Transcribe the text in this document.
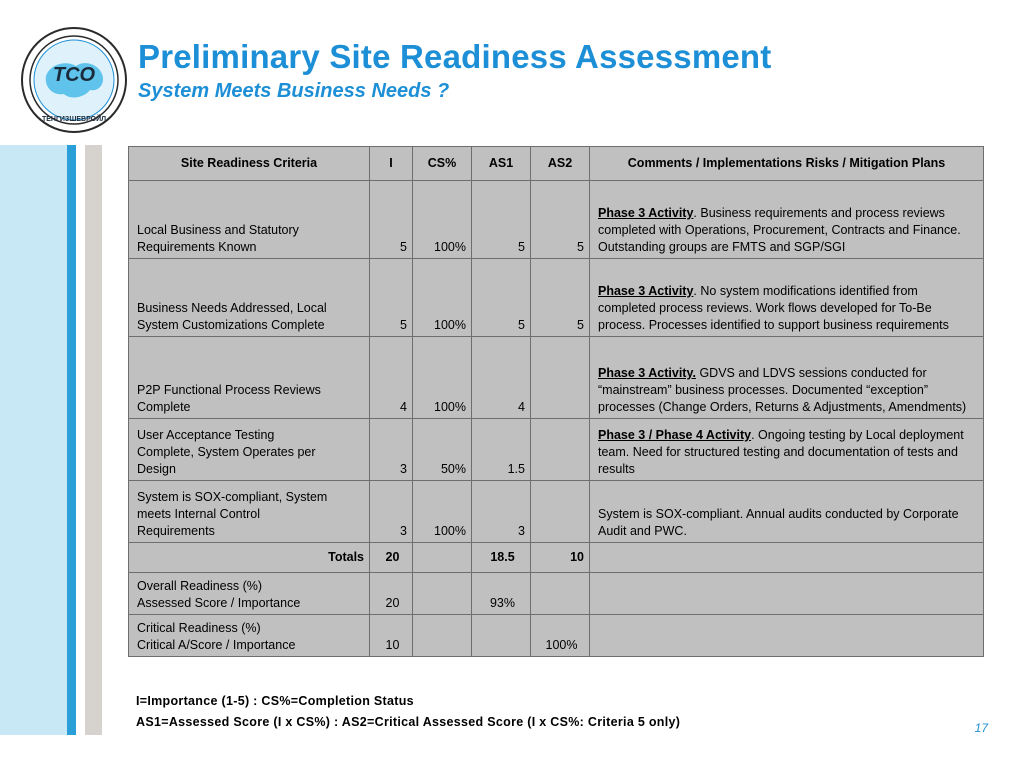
TCO
ТЕНГИЗШЕВРОЙЛ
Preliminary Site Readiness Assessment
System Meets Business Needs ?
Site Readiness Criteria	I	CS%	AS1	AS2	Comments / Implementations Risks / Mitigation Plans
Local Business and Statutory
Requirements Known	5	100%	5	5	Phase 3 Activity. Business requirements and process reviews completed with Operations, Procurement, Contracts and Finance. Outstanding groups are FMTS and SGP/SGI
Business Needs Addressed, Local
System Customizations Complete	5	100%	5	5	Phase 3 Activity. No system modifications identified from completed process reviews. Work flows developed for To-Be process. Processes identified to support business requirements
P2P Functional Process Reviews
Complete	4	100%	4		Phase 3 Activity. GDVS and LDVS sessions conducted for “mainstream” business processes. Documented “exception” processes (Change Orders, Returns & Adjustments, Amendments)
User Acceptance Testing
Complete, System Operates per
Design	3	50%	1.5		Phase 3 / Phase 4 Activity. Ongoing testing by Local deployment team. Need for structured testing and documentation of tests and results
System is SOX-compliant, System
meets Internal Control
Requirements	3	100%	3		System is SOX-compliant. Annual audits conducted by Corporate Audit and PWC.
Totals	20		18.5	10	
Overall Readiness (%)
Assessed Score / Importance	20		93%		
Critical Readiness (%)
Critical A/Score / Importance	10			100%	

I=Importance (1-5) : CS%=Completion Status

AS1=Assessed Score (I x CS%) : AS2=Critical Assessed Score (I x CS%: Criteria 5 only)	17
